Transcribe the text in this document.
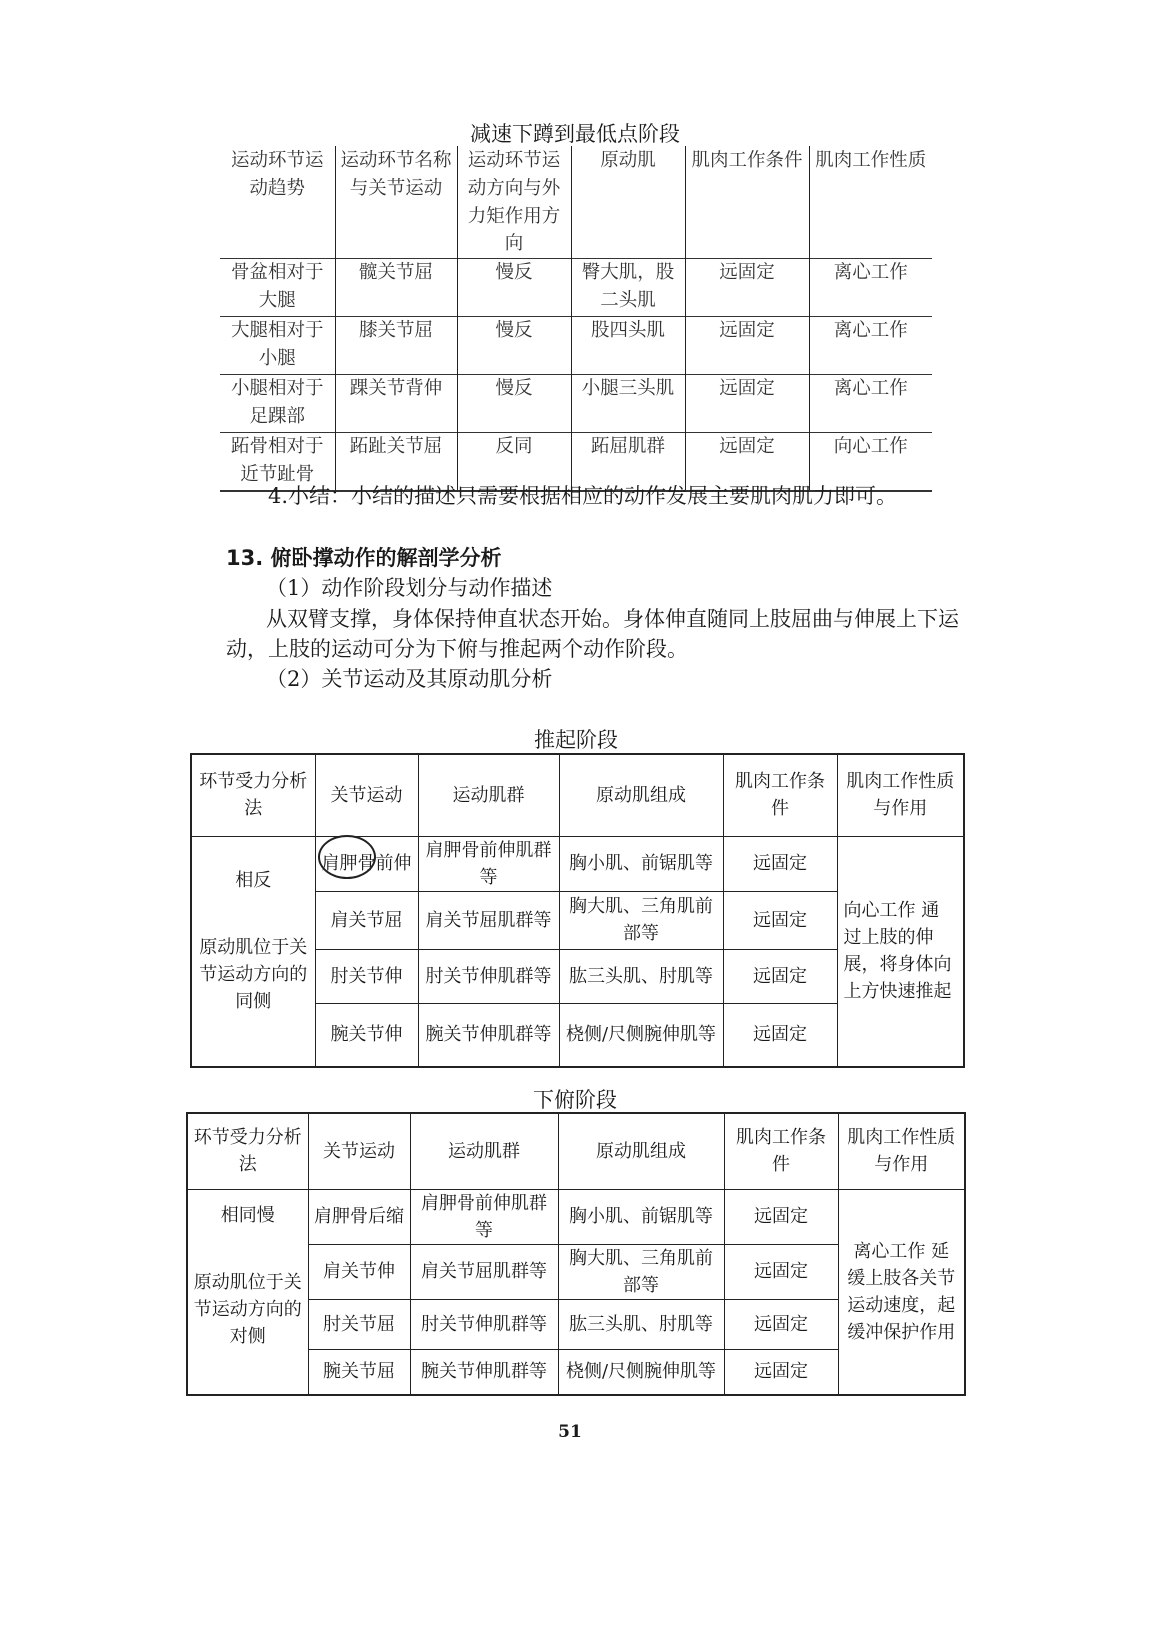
减速下蹲到最低点阶段
运动环节运动趋势	运动环节名称与关节运动	运动环节运动方向与外力矩作用方向	原动肌	肌肉工作条件	肌肉工作性质
骨盆相对于大腿	髋关节屈	慢反	臀大肌，股二头肌	远固定	离心工作
大腿相对于小腿	膝关节屈	慢反	股四头肌	远固定	离心工作
小腿相对于足踝部	踝关节背伸	慢反	小腿三头肌	远固定	离心工作
跖骨相对于近节趾骨	跖趾关节屈	反同	跖屈肌群	远固定	向心工作
4.小结：小结的描述只需要根据相应的动作发展主要肌肉肌力即可。
13. 俯卧撑动作的解剖学分析
（1）动作阶段划分与动作描述
从双臂支撑，身体保持伸直状态开始。身体伸直随同上肢屈曲与伸展上下运
动，上肢的运动可分为下俯与推起两个动作阶段。
（2）关节运动及其原动肌分析
推起阶段
环节受力分析法	关节运动	运动肌群	原动肌组成	肌肉工作条件	肌肉工作性质与作用

相反
原动肌位于关节运动方向的同侧	肩胛骨前伸	肩胛骨前伸肌群等	胸小肌、前锯肌等	远固定	向心工作 通过上肢的伸展，将身体向上方快速推起
	肩关节屈	肩关节屈肌群等	胸大肌、三角肌前部等	远固定	
	肘关节伸	肘关节伸肌群等	肱三头肌、肘肌等	远固定	
	腕关节伸	腕关节伸肌群等	桡侧/尺侧腕伸肌等	远固定	
下俯阶段
环节受力分析法	关节运动	运动肌群	原动肌组成	肌肉工作条件	肌肉工作性质与作用

相同慢
原动肌位于关节运动方向的对侧	肩胛骨后缩	肩胛骨前伸肌群等	胸小肌、前锯肌等	远固定	离心工作 延缓上肢各关节运动速度，起缓冲保护作用
	肩关节伸	肩关节屈肌群等	胸大肌、三角肌前部等	远固定	
	肘关节屈	肘关节伸肌群等	肱三头肌、肘肌等	远固定	
	腕关节屈	腕关节伸肌群等	桡侧/尺侧腕伸肌等	远固定	
51
